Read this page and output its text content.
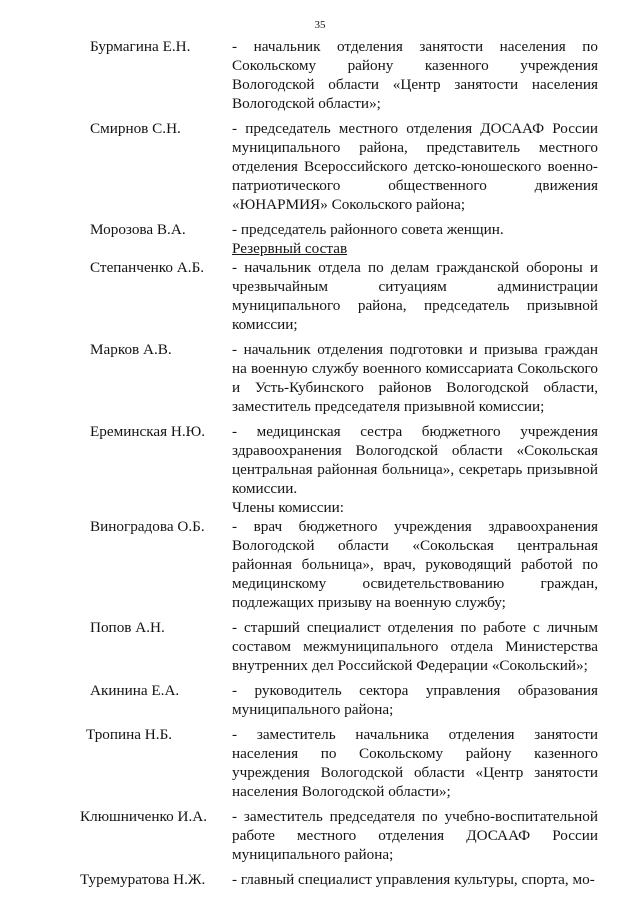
35
Бурмагина Е.Н.	- начальник отделения занятости населения по Сокольскому району казенного учреждения Вологодской области «Центр занятости населения Вологодской области»;
Смирнов С.Н.	- председатель местного отделения ДОСААФ России муниципального района, представитель местного отделения Всероссийского детско-юношеского военно-патриотического общественного движения «ЮНАРМИЯ» Сокольского района;
Морозова В.А.	- председатель районного совета женщин.
Резервный состав
Степанченко А.Б.	- начальник отдела по делам гражданской обороны и чрезвычайным ситуациям администрации муниципального района, председатель призывной комиссии;
Марков А.В.	- начальник отделения подготовки и призыва граждан на военную службу военного комиссариата Сокольского и Усть-Кубинского районов Вологодской области, заместитель председателя призывной комиссии;
Ереминская Н.Ю.	- медицинская сестра бюджетного учреждения здравоохранения Вологодской области «Сокольская центральная районная больница», секретарь призывной комиссии.
Члены комиссии:
Виноградова О.Б.	- врач бюджетного учреждения здравоохранения Вологодской области «Сокольская центральная районная больница», врач, руководящий работой по медицинскому освидетельствованию граждан, подлежащих призыву на военную службу;
Попов А.Н.	- старший специалист отделения по работе с личным составом межмуниципального отдела Министерства внутренних дел Российской Федерации «Сокольский»;
Акинина Е.А.	- руководитель сектора управления образования муниципального района;
Тропина Н.Б.	- заместитель начальника отделения занятости населения по Сокольскому району казенного учреждения Вологодской области «Центр занятости населения Вологодской области»;
Клюшниченко И.А.	- заместитель председателя по учебно-воспитательной работе местного отделения ДОСААФ России муниципального района;
Туремуратова Н.Ж.	- главный специалист управления культуры, спорта, мо-
